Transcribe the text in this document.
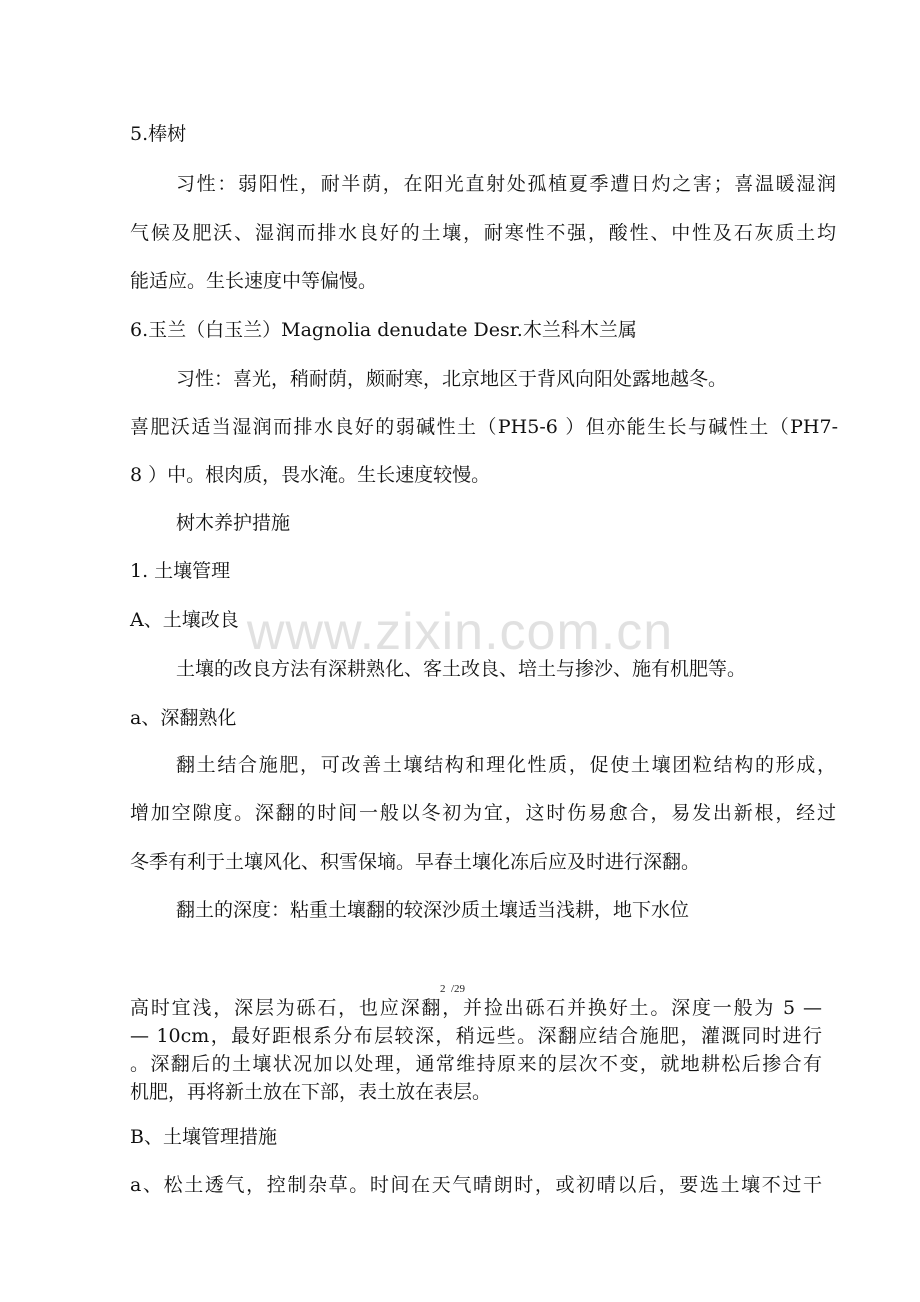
www.zixin.com.cn

5.棒树

习性：弱阳性，耐半荫，在阳光直射处孤植夏季遭日灼之害；喜温暖湿润

气候及肥沃、湿润而排水良好的土壤，耐寒性不强，酸性、中性及石灰质土均

能适应。生长速度中等偏慢。

6.玉兰（白玉兰）Magnolia denudate Desr.木兰科木兰属

习性：喜光，稍耐荫，颇耐寒，北京地区于背风向阳处露地越冬。

喜肥沃适当湿润而排水良好的弱碱性土（PH5-6 ）但亦能生长与碱性土（PH7-

8 ）中。根肉质，畏水淹。生长速度较慢。

树木养护措施

1. 土壤管理

A、土壤改良

土壤的改良方法有深耕熟化、客土改良、培土与掺沙、施有机肥等。

a、深翻熟化

翻土结合施肥，可改善土壤结构和理化性质，促使土壤团粒结构的形成，

增加空隙度。深翻的时间一般以冬初为宜，这时伤易愈合，易发出新根，经过

冬季有利于土壤风化、积雪保墒。早春土壤化冻后应及时进行深翻。

翻土的深度：粘重土壤翻的较深沙质土壤适当浅耕，地下水位

2 /29

高时宜浅，深层为砾石，也应深翻，并捡出砾石并换好土。深度一般为 5 —

— 10cm，最好距根系分布层较深，稍远些。深翻应结合施肥，灌溉同时进行

。深翻后的土壤状况加以处理，通常维持原来的层次不变，就地耕松后掺合有

机肥，再将新土放在下部，表土放在表层。

B、土壤管理措施

a、松土透气，控制杂草。时间在天气晴朗时，或初晴以后，要选土壤不过干
